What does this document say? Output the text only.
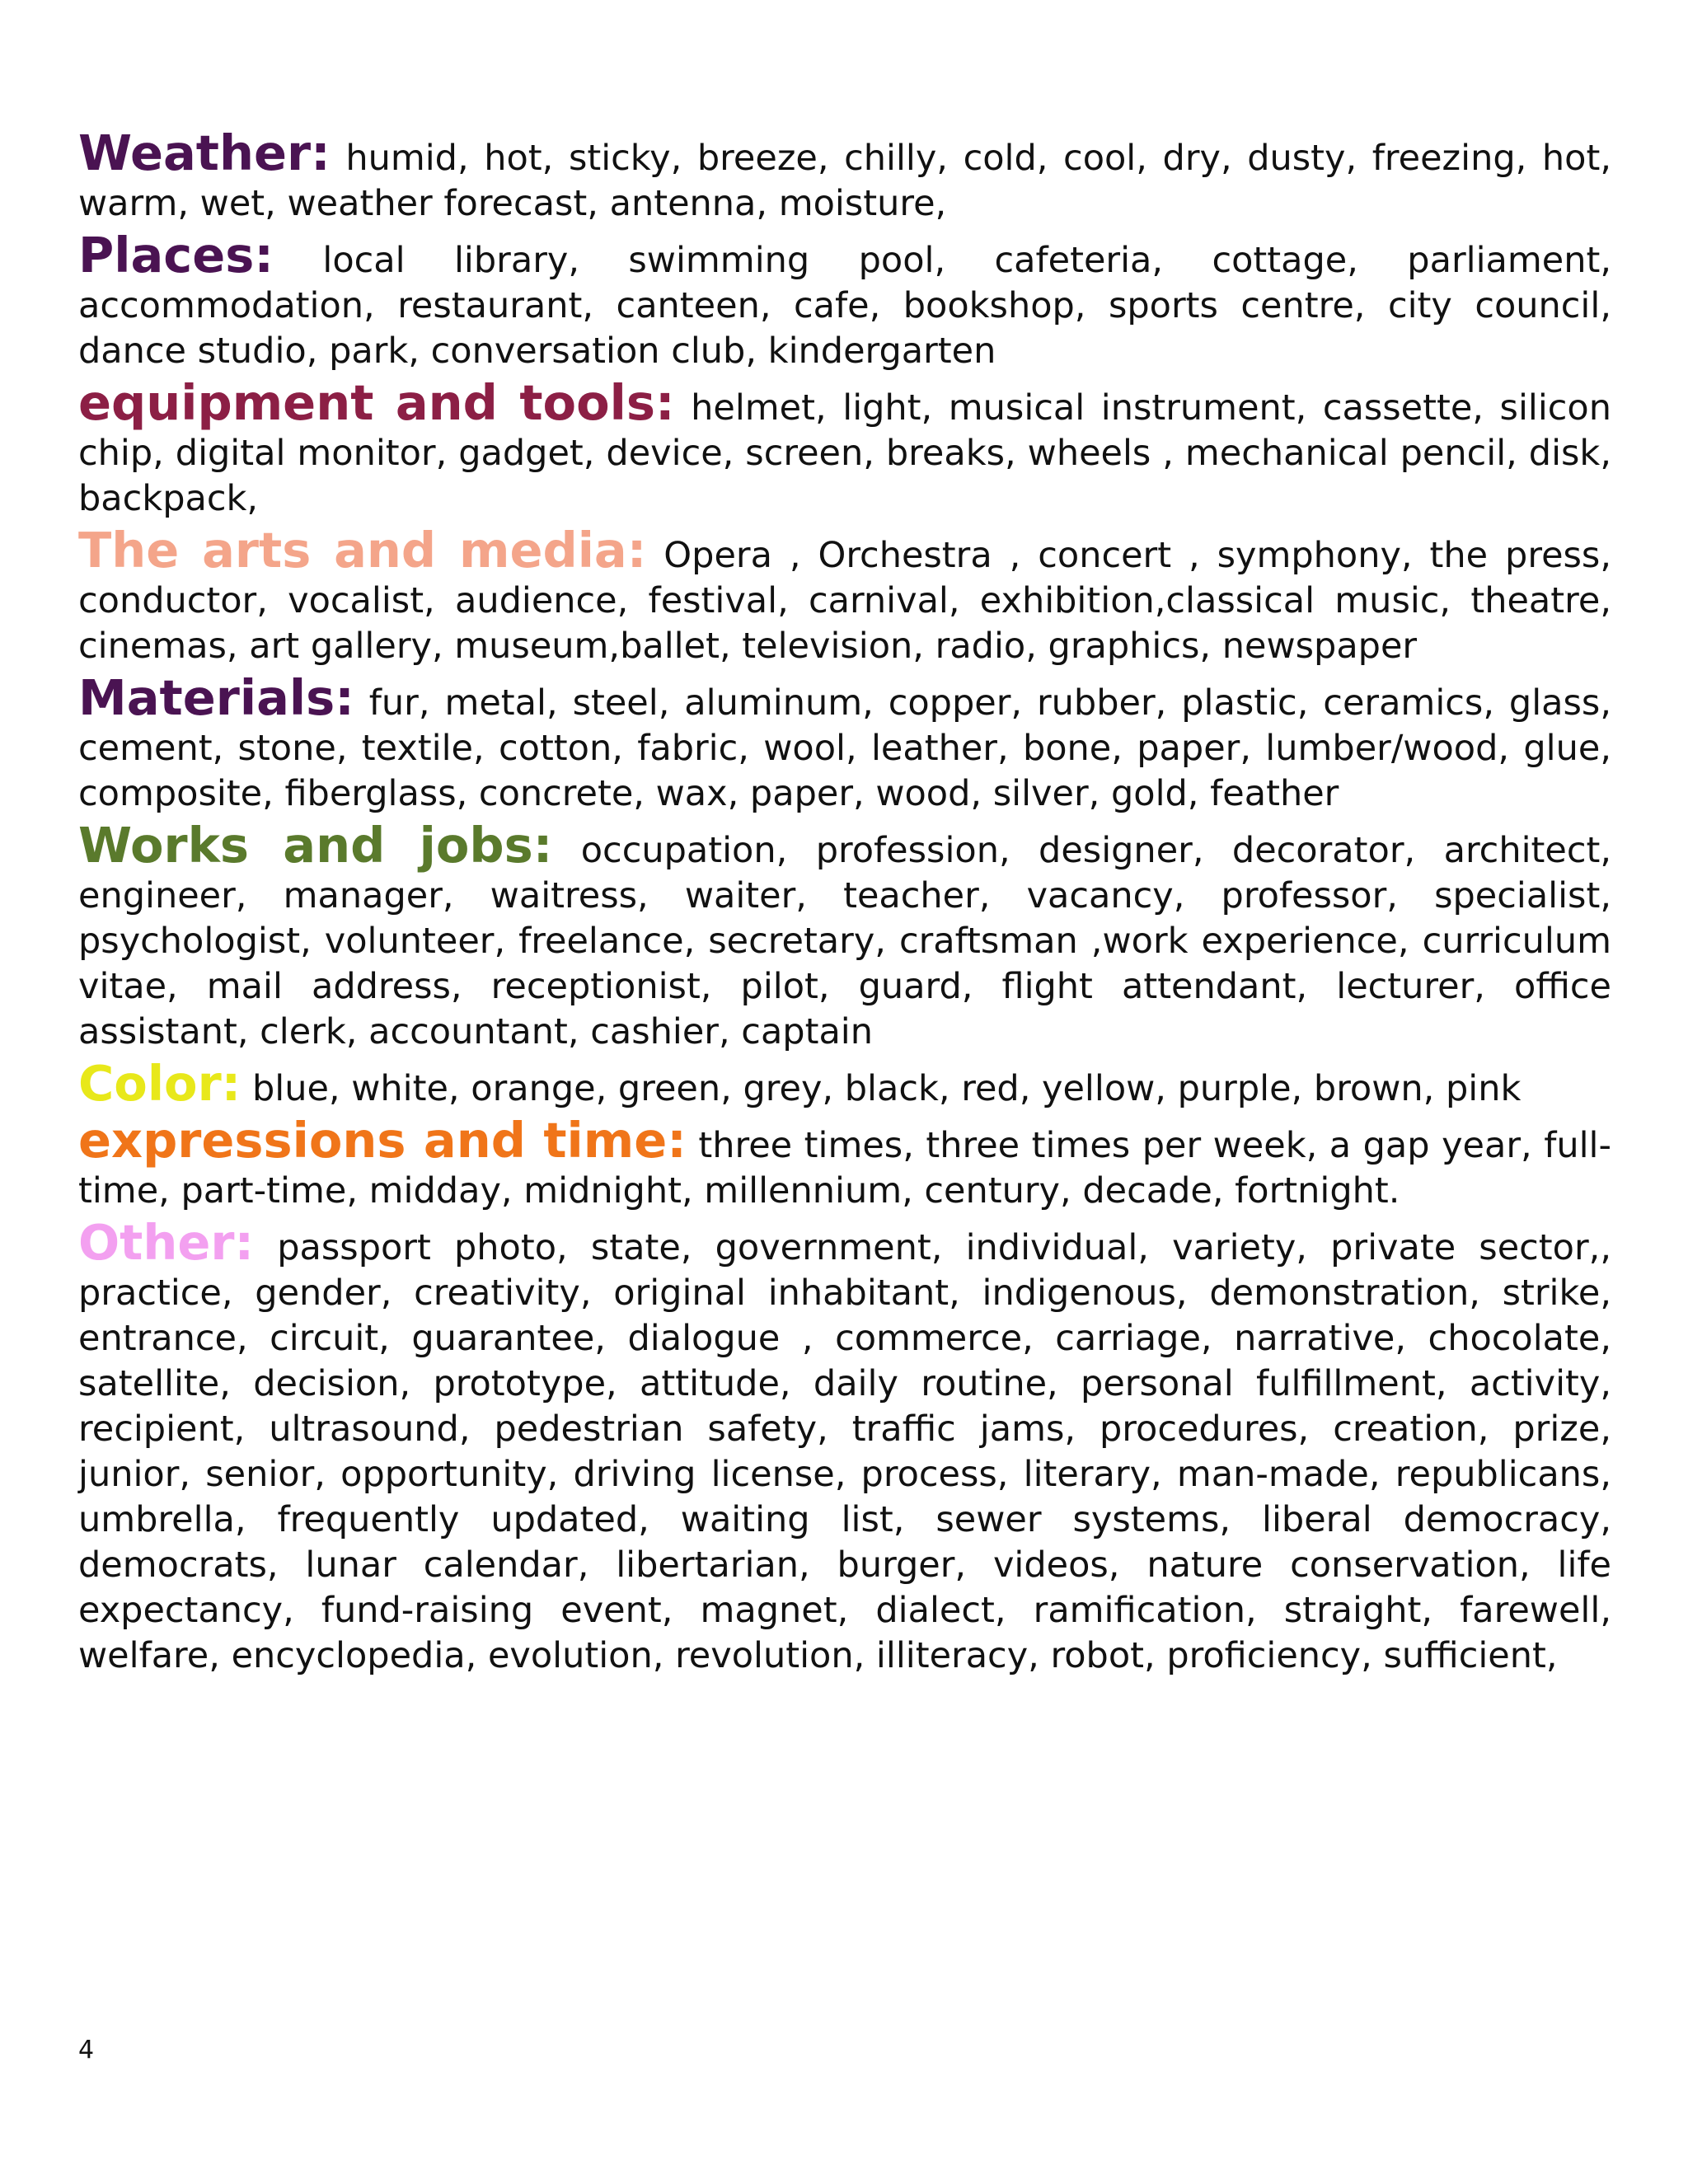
Weather: humid, hot, sticky, breeze, chilly, cold, cool, dry, dusty, freezing, hot, warm, wet, weather forecast, antenna, moisture,

Places: local library, swimming pool, cafeteria, cottage, parliament, accommodation, restaurant, canteen, cafe, bookshop, sports centre, city council, dance studio, park, conversation club, kindergarten

equipment and tools: helmet, light, musical instrument, cassette, silicon chip, digital monitor, gadget, device, screen, breaks, wheels , mechanical pencil, disk, backpack,

The arts and media: Opera , Orchestra , concert , symphony, the press, conductor, vocalist, audience, festival, carnival, exhibition,classical music, theatre, cinemas, art gallery, museum,ballet, television, radio, graphics, newspaper

Materials: fur, metal, steel, aluminum, copper, rubber, plastic, ceramics, glass, cement, stone, textile, cotton, fabric, wool, leather, bone, paper, lumber/wood, glue, composite, fiberglass, concrete, wax, paper, wood, silver, gold, feather

Works and jobs: occupation, profession, designer, decorator, architect, engineer, manager, waitress, waiter, teacher, vacancy, professor, specialist, psychologist, volunteer, freelance, secretary, craftsman ,work experience, curriculum vitae, mail address, receptionist, pilot, guard, flight attendant, lecturer, office assistant, clerk, accountant, cashier, captain

Color: blue, white, orange, green, grey, black, red, yellow, purple, brown, pink

expressions and time: three times, three times per week, a gap year, full-time, part-time, midday, midnight, millennium, century, decade, fortnight.

Other: passport photo, state, government, individual, variety, private sector,, practice, gender, creativity, original inhabitant, indigenous, demonstration, strike, entrance, circuit, guarantee, dialogue , commerce, carriage, narrative, chocolate, satellite, decision, prototype, attitude, daily routine, personal fulfillment, activity, recipient, ultrasound, pedestrian safety, traffic jams, procedures, creation, prize, junior, senior, opportunity, driving license, process, literary, man-made, republicans, umbrella, frequently updated, waiting list, sewer systems, liberal democracy, democrats, lunar calendar, libertarian, burger, videos, nature conservation, life expectancy, fund-raising event, magnet, dialect, ramification, straight, farewell, welfare, encyclopedia, evolution, revolution, illiteracy, robot, proficiency, sufficient,

4
